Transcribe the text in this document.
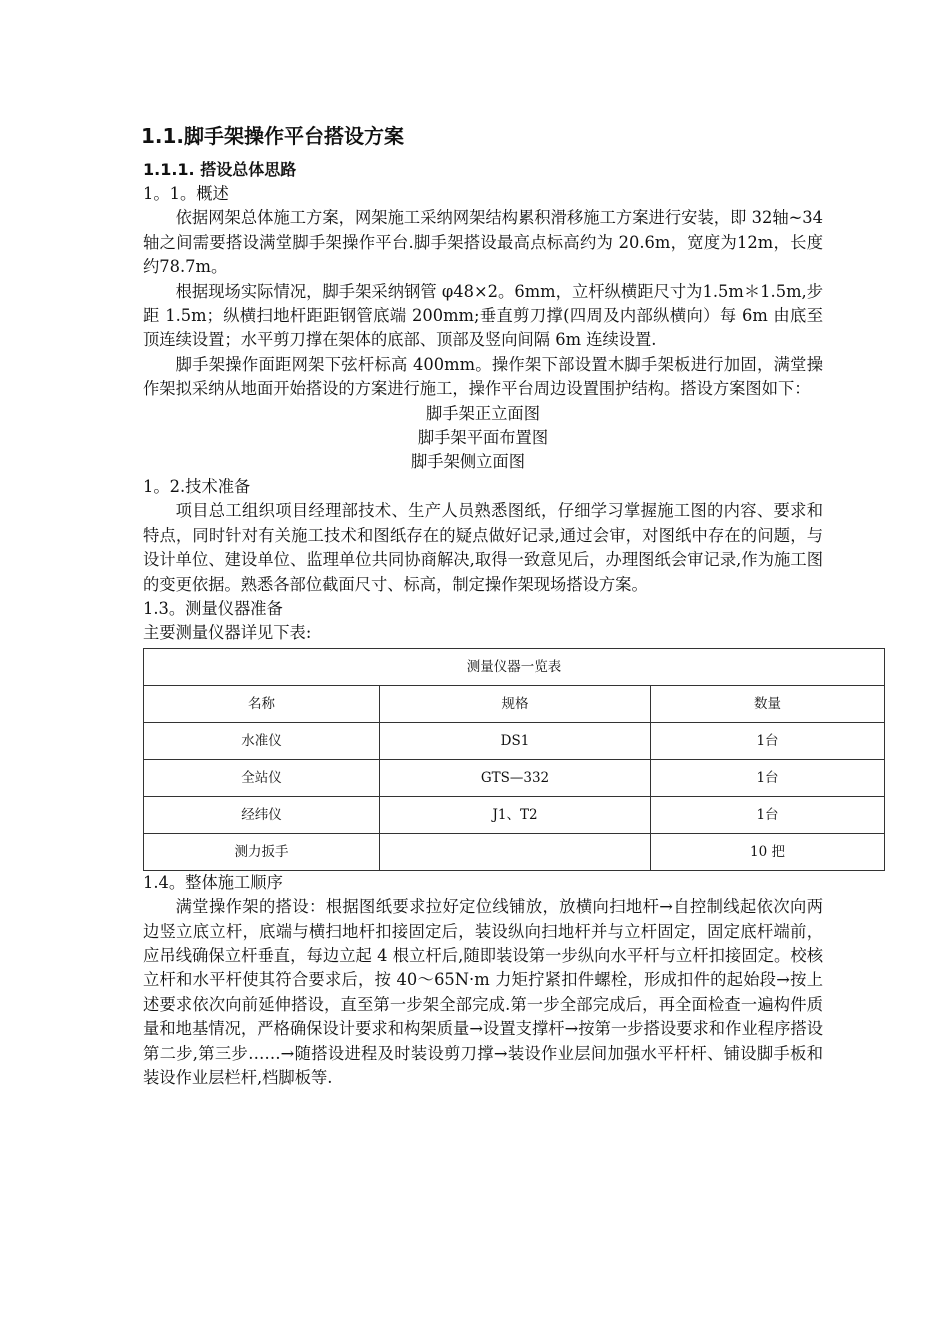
1.1.脚手架操作平台搭设方案
1.1.1. 搭设总体思路
1。1。概述

依据网架总体施工方案，网架施工采纳网架结构累积滑移施工方案进行安装，即 32轴~34 轴之间需要搭设满堂脚手架操作平台.脚手架搭设最高点标高约为 20.6m，宽度为12m，长度约78.7m。

根据现场实际情况，脚手架采纳钢管 φ48×2。6mm，立杆纵横距尺寸为1.5m＊1.5m,步距 1.5m；纵横扫地杆距距钢管底端 200mm;垂直剪刀撑(四周及内部纵横向）每 6m 由底至顶连续设置；水平剪刀撑在架体的底部、顶部及竖向间隔 6m 连续设置.

脚手架操作面距网架下弦杆标高 400mm。操作架下部设置木脚手架板进行加固，满堂操作架拟采纳从地面开始搭设的方案进行施工，操作平台周边设置围护结构。搭设方案图如下：

脚手架正立面图

脚手架平面布置图

脚手架侧立面图

1。2.技术准备

项目总工组织项目经理部技术、生产人员熟悉图纸，仔细学习掌握施工图的内容、要求和特点，同时针对有关施工技术和图纸存在的疑点做好记录,通过会审，对图纸中存在的问题，与设计单位、建设单位、监理单位共同协商解决,取得一致意见后，办理图纸会审记录,作为施工图的变更依据。熟悉各部位截面尺寸、标高，制定操作架现场搭设方案。

1.3。测量仪器准备
主要测量仪器详见下表:
测量仪器一览表		
名称	规格	数量
水准仪	DS1	1台
全站仪	GTS—332	1台
经纬仪	J1、T2	1台
测力扳手		10 把
1.4。整体施工顺序

满堂操作架的搭设：根据图纸要求拉好定位线铺放，放横向扫地杆→自控制线起依次向两边竖立底立杆，底端与横扫地杆扣接固定后，装设纵向扫地杆并与立杆固定，固定底杆端前，应吊线确保立杆垂直，每边立起 4 根立杆后,随即装设第一步纵向水平杆与立杆扣接固定。校核立杆和水平杆使其符合要求后，按 40～65N·m 力矩拧紧扣件螺栓，形成扣件的起始段→按上述要求依次向前延伸搭设，直至第一步架全部完成.第一步全部完成后，再全面检查一遍构件质量和地基情况，严格确保设计要求和构架质量→设置支撑杆→按第一步搭设要求和作业程序搭设第二步,第三步……→随搭设进程及时装设剪刀撑→装设作业层间加强水平杆杆、铺设脚手板和装设作业层栏杆,档脚板等.
